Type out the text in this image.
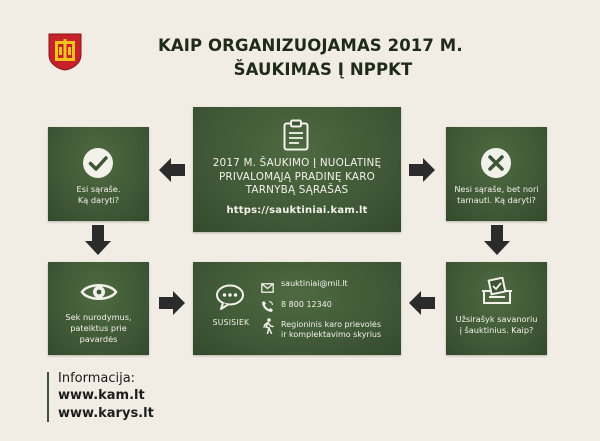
KAIP ORGANIZUOJAMAS 2017 M.
ŠAUKIMAS Į NPPKT
2017 M. ŠAUKIMO Į NUOLATINĘ
PRIVALOMĄJĄ PRADINĘ KARO
TARNYBĄ SĄRAŠAS
https://saukti​niai.kam.lt
Esi sąraše.
Ką daryti?
Nesi sąraše, bet nori
tarnauti. Ką daryti?
Sek nurodymus,
pateiktus prie
pavardės
Užsirašyk savanoriu
į šauktinius. Kaip?
SUSISIEK
sauktiniai@mil.lt
8 800 12340
Regioninis karo prievolės
ir komplektavimo skyrius
Informacija:
www.kam.lt
www.karys.lt
